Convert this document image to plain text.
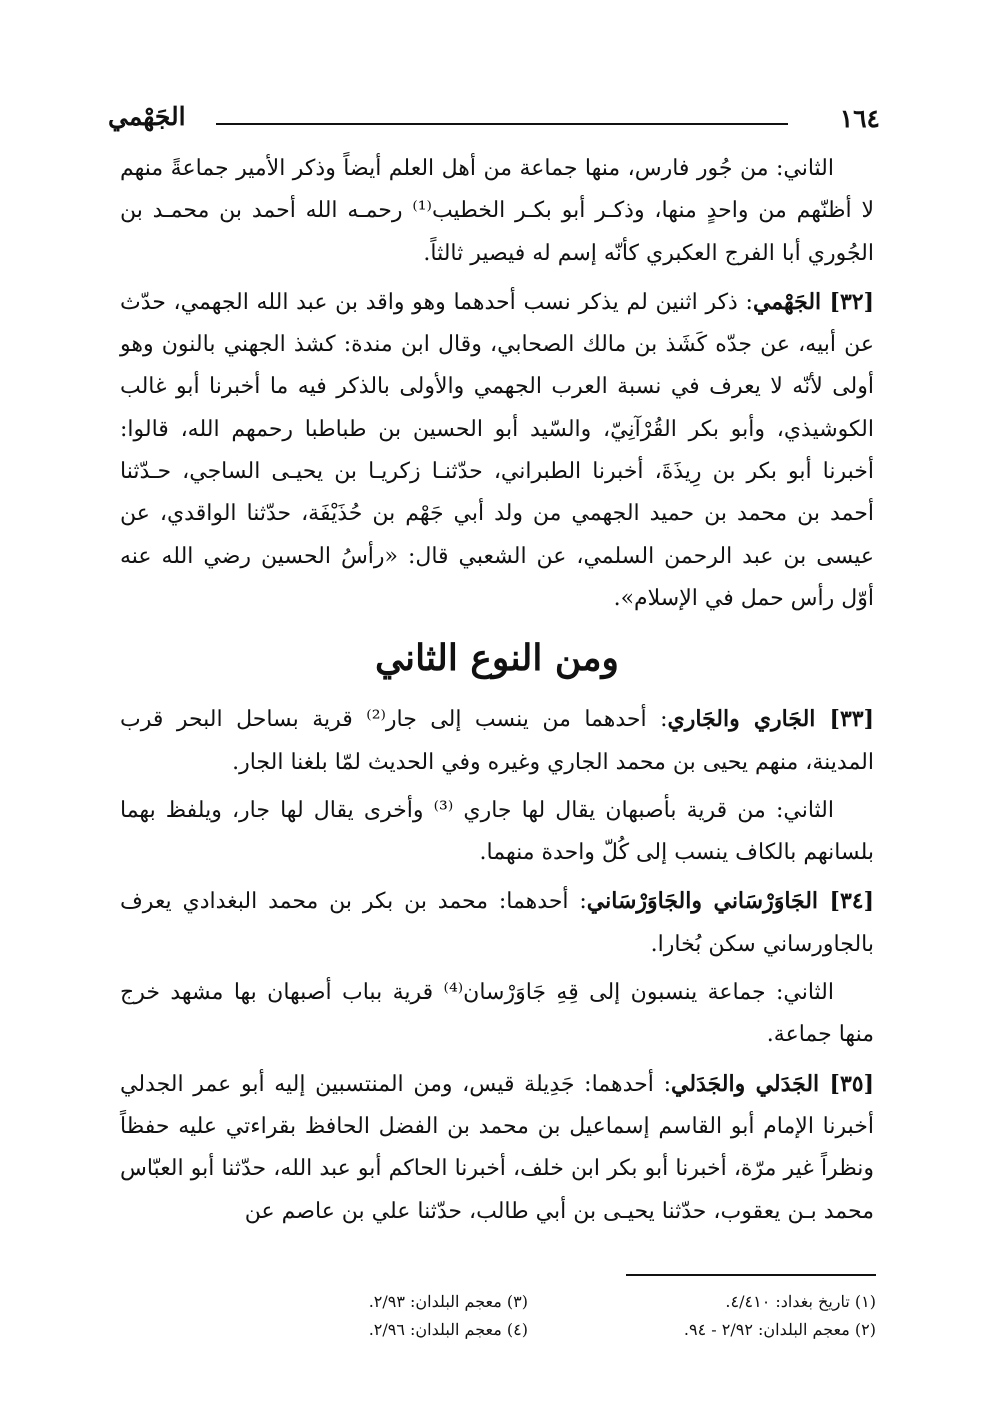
١٦٤
الجَهْمي

الثاني: من جُور فارس، منها جماعة من أهل العلم أيضاً وذكر الأمير جماعةً منهم لا أظنّهم من واحدٍ منها، وذكـر أبو بكـر الخطيب⁽¹⁾ رحمـه الله أحمد بن محمـد بن الجُوري أبا الفرج العكبري كأنّه إسم له فيصير ثالثاً.

[٣٢] الجَهْمي: ذكر اثنين لم يذكر نسب أحدهما وهو واقد بن عبد الله الجهمي، حدّث عن أبيه، عن جدّه كَشَذ بن مالك الصحابي، وقال ابن مندة: كشذ الجهني بالنون وهو أولى لأنّه لا يعرف في نسبة العرب الجهمي والأولى بالذكر فيه ما أخبرنا أبو غالب الكوشيذي، وأبو بكر القُرْآنِيّ، والسّيد أبو الحسين بن طباطبا رحمهم الله، قالوا: أخبرنا أبو بكر بن رِيذَةَ، أخبرنا الطبراني، حدّثنـا زكريـا بن يحيـى الساجي، حـدّثنا أحمد بن محمد بن حميد الجهمي من ولد أبي جَهْم بن حُذَيْفَة، حدّثنا الواقدي، عن عيسى بن عبد الرحمن السلمي، عن الشعبي قال: «رأسُ الحسين رضي الله عنه أوّل رأس حمل في الإسلام».

ومن النوع الثاني

[٣٣] الجَاري والجَاري: أحدهما من ينسب إلى جار⁽²⁾ قرية بساحل البحر قرب المدينة، منهم يحيى بن محمد الجاري وغيره وفي الحديث لمّا بلغنا الجار.

الثاني: من قرية بأصبهان يقال لها جاري ⁽³⁾ وأخرى يقال لها جار، ويلفظ بهما بلسانهم بالكاف ينسب إلى كُلّ واحدة منهما.

[٣٤] الجَاوَرْسَاني والجَاوَرْسَاني: أحدهما: محمد بن بكر بن محمد البغدادي يعرف بالجاورساني سكن بُخارا.

الثاني: جماعة ينسبون إلى قِهِ جَاوَرْسان⁽⁴⁾ قرية بباب أصبهان بها مشهد خرج منها جماعة.

[٣٥] الجَدَلي والجَدَلي: أحدهما: جَدِيلة قيس، ومن المنتسبين إليه أبو عمر الجدلي أخبرنا الإمام أبو القاسم إسماعيل بن محمد بن الفضل الحافظ بقراءتي عليه حفظاً ونظراً غير مرّة، أخبرنا أبو بكر ابن خلف، أخبرنا الحاكم أبو عبد الله، حدّثنا أبو العبّاس محمد بـن يعقوب، حدّثنا يحيـى بن أبي طالب، حدّثنا علي بن عاصم عن

(١) تاريخ بغداد: ٤/٤١٠.
(٢) معجم البلدان: ٢/٩٢ - ٩٤.
(٣) معجم البلدان: ٢/٩٣.
(٤) معجم البلدان: ٢/٩٦.
